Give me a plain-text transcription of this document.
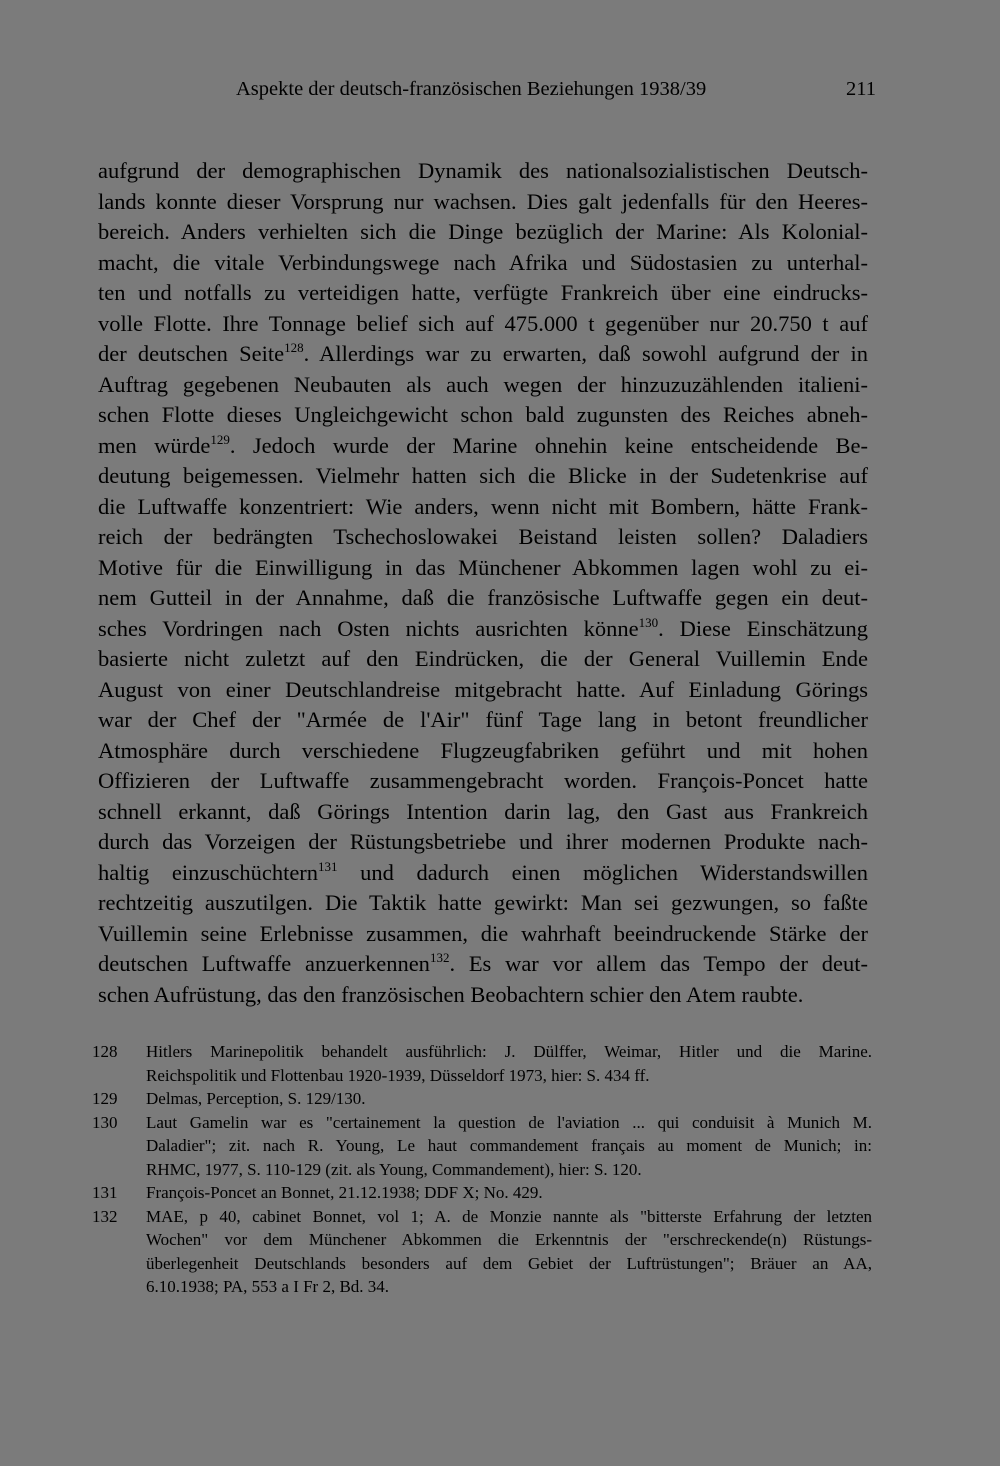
Aspekte der deutsch-französischen Beziehungen 1938/39	211
aufgrund der demographischen Dynamik des nationalsozialistischen Deutsch-
lands konnte dieser Vorsprung nur wachsen. Dies galt jedenfalls für den Heeres-
bereich. Anders verhielten sich die Dinge bezüglich der Marine: Als Kolonial-
macht, die vitale Verbindungswege nach Afrika und Südostasien zu unterhal-
ten und notfalls zu verteidigen hatte, verfügte Frankreich über eine eindrucks-
volle Flotte. Ihre Tonnage belief sich auf 475.000 t gegenüber nur 20.750 t auf
der deutschen Seite$^{128}$. Allerdings war zu erwarten, daß sowohl aufgrund der in
Auftrag gegebenen Neubauten als auch wegen der hinzuzuzählenden italieni-
schen Flotte dieses Ungleichgewicht schon bald zugunsten des Reiches abneh-
men würde$^{129}$. Jedoch wurde der Marine ohnehin keine entscheidende Be-
deutung beigemessen. Vielmehr hatten sich die Blicke in der Sudetenkrise auf
die Luftwaffe konzentriert: Wie anders, wenn nicht mit Bombern, hätte Frank-
reich der bedrängten Tschechoslowakei Beistand leisten sollen? Daladiers
Motive für die Einwilligung in das Münchener Abkommen lagen wohl zu ei-
nem Gutteil in der Annahme, daß die französische Luftwaffe gegen ein deut-
sches Vordringen nach Osten nichts ausrichten könne$^{130}$. Diese Einschätzung
basierte nicht zuletzt auf den Eindrücken, die der General Vuillemin Ende
August von einer Deutschlandreise mitgebracht hatte. Auf Einladung Görings
war der Chef der "Armée de l'Air" fünf Tage lang in betont freundlicher
Atmosphäre durch verschiedene Flugzeugfabriken geführt und mit hohen
Offizieren der Luftwaffe zusammengebracht worden. François-Poncet hatte
schnell erkannt, daß Görings Intention darin lag, den Gast aus Frankreich
durch das Vorzeigen der Rüstungsbetriebe und ihrer modernen Produkte nach-
haltig einzuschüchtern$^{131}$ und dadurch einen möglichen Widerstandswillen
rechtzeitig auszutilgen. Die Taktik hatte gewirkt: Man sei gezwungen, so faßte
Vuillemin seine Erlebnisse zusammen, die wahrhaft beeindruckende Stärke der
deutschen Luftwaffe anzuerkennen$^{132}$. Es war vor allem das Tempo der deut-
schen Aufrüstung, das den französischen Beobachtern schier den Atem raubte.
128 Hitlers Marinepolitik behandelt ausführlich: J. Dülffer, Weimar, Hitler und die Marine.
Reichspolitik und Flottenbau 1920-1939, Düsseldorf 1973, hier: S. 434 ff.
129 Delmas, Perception, S. 129/130.
130 Laut Gamelin war es "certainement la question de l'aviation ... qui conduisit à Munich M.
Daladier"; zit. nach R. Young, Le haut commandement français au moment de Munich; in:
RHMC, 1977, S. 110-129 (zit. als Young, Commandement), hier: S. 120.
131 François-Poncet an Bonnet, 21.12.1938; DDF X; No. 429.
132 MAE, p 40, cabinet Bonnet, vol 1; A. de Monzie nannte als "bitterste Erfahrung der letzten
Wochen" vor dem Münchener Abkommen die Erkenntnis der "erschreckende(n) Rüstungs-
überlegenheit Deutschlands besonders auf dem Gebiet der Luftrüstungen"; Bräuer an AA,
6.10.1938; PA, 553 a I Fr 2, Bd. 34.
